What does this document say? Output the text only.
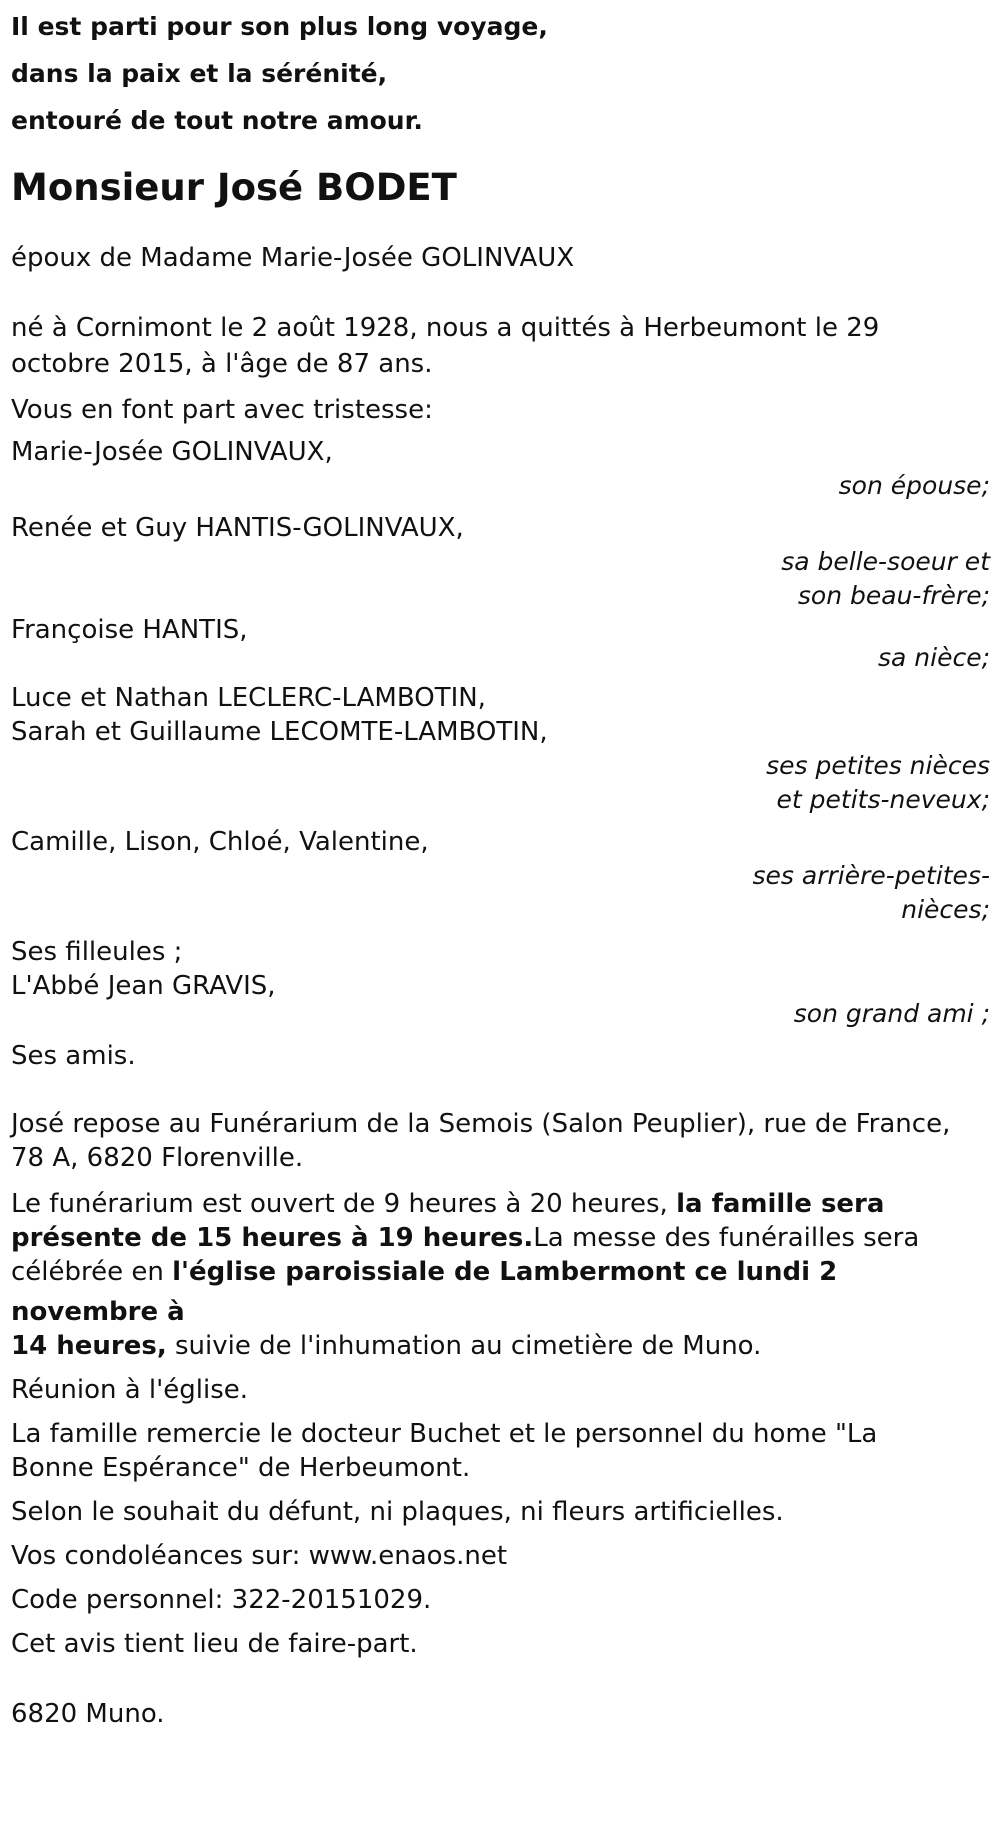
Il est parti pour son plus long voyage,

dans la paix et la sérénité,

entouré de tout notre amour.

Monsieur José BODET

époux de Madame Marie-Josée GOLINVAUX

né à Cornimont le 2 août 1928, nous a quittés à Herbeumont le 29

octobre 2015, à l'âge de 87 ans.

Vous en font part avec tristesse:

Marie-Josée GOLINVAUX,

son épouse;

Renée et Guy HANTIS-GOLINVAUX,

sa belle-soeur et

son beau-frère;

Françoise HANTIS,

sa nièce;

Luce et Nathan LECLERC-LAMBOTIN,

Sarah et Guillaume LECOMTE-LAMBOTIN,

ses petites nièces

et petits-neveux;

Camille, Lison, Chloé, Valentine,

ses arrière-petites-

nièces;

Ses filleules ;

L'Abbé Jean GRAVIS,

son grand ami ;

Ses amis.

José repose au Funérarium de la Semois (Salon Peuplier), rue de France,

78 A, 6820 Florenville.

Le funérarium est ouvert de 9 heures à 20 heures, la famille sera

présente de 15 heures à 19 heures.La messe des funérailles sera

célébrée en l'église paroissiale de Lambermont ce lundi 2 novembre à

14 heures, suivie de l'inhumation au cimetière de Muno.

Réunion à l'église.

La famille remercie le docteur Buchet et le personnel du home "La

Bonne Espérance" de Herbeumont.

Selon le souhait du défunt, ni plaques, ni fleurs artificielles.

Vos condoléances sur: www.enaos.net

Code personnel: 322-20151029.

Cet avis tient lieu de faire-part.

6820 Muno.
